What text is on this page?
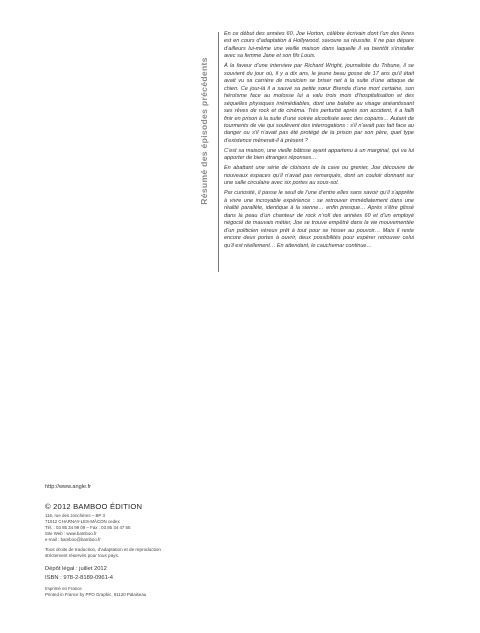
Résumé des épisodes précédents

En ce début des années 60, Joe Horton, célèbre écrivain dont l’un des livres est en cours d’adaptation à Hollywood, savoure sa réussite. Il ne pas dépare d’ailleurs lui-même une vieille maison dans laquelle il va bientôt s’installer avec sa femme Jane et son fils Louis.

À la faveur d’une interview par Richard Wright, journaliste du Tribune, il se souvient du jour où, il y a dix ans, le jeune beau gosse de 17 ans qu’il était avait vu sa carrière de musicien se briser net à la suite d’une attaque de chien. Ce jour-là il a sauvé sa petite sœur Brenda d’une mort certaine, son héroïsme face au molosse lui a valu trois mois d’hospitalisation et des séquelles physiques irrémédiables, dont une balafre au visage anéantissant ses rêves de rock et de cinéma. Très perturbé après son accident, il a failli finir en prison à la suite d’une soirée alcoolisée avec des copains… Autant de tourments de vie qui soulèvent des interrogations : s’il n’avait pas fait face au danger ou s’il n’avait pas été protégé de la prison par son père, quel type d’existence mènerait-il à présent ?

C’est sa maison, une vieille bâtisse ayant appartenu à un marginal, qui va lui apporter de bien étranges réponses…

En abattant une série de cloisons de la cave ou grenier, Joe découvre de nouveaux espaces qu’il n’avait pas remarqués, dont un couloir donnant sur une salle circulaire avec six portes au sous-sol.

Par curiosité, il passe le seuil de l’une d’entre elles sans savoir qu’il s’apprête à vivre une incroyable expérience : se retrouver immédiatement dans une réalité parallèle, identique à la sienne… enfin presque… Après s’être glissé dans la peau d’un chanteur de rock n’roll des années 60 et d’un employé négocié de mauvais métier, Joe se trouve empêtré dans la vie mouvementée d’un politicien véreux prêt à tout pour se hisser au pouvoir… Mais il reste encore deux portes à ouvrir, deux possibilités pour espérer retrouver celui qu’il est réellement… En attendant, le cauchemar continue…

http://www.angle.fr
© 2012 BAMBOO ÉDITION
116, rue des Jonchères – BP 3
71012 CHARNAY-LES-MÂCON cedex
Tél. : 03 85 34 99 09 – Fax : 03 85 34 47 55
Site Web : www.bamboo.fr
e-mail : bamboo@bamboo.fr
Tous droits de traduction, d’adaptation et de reproduction
strictement réservés pour tous pays.
Dépôt légal : juillet 2012
ISBN : 978-2-8189-0961-4
Imprimé en France
Printed in France by PPO Graphic, 91120 Palaiseau
